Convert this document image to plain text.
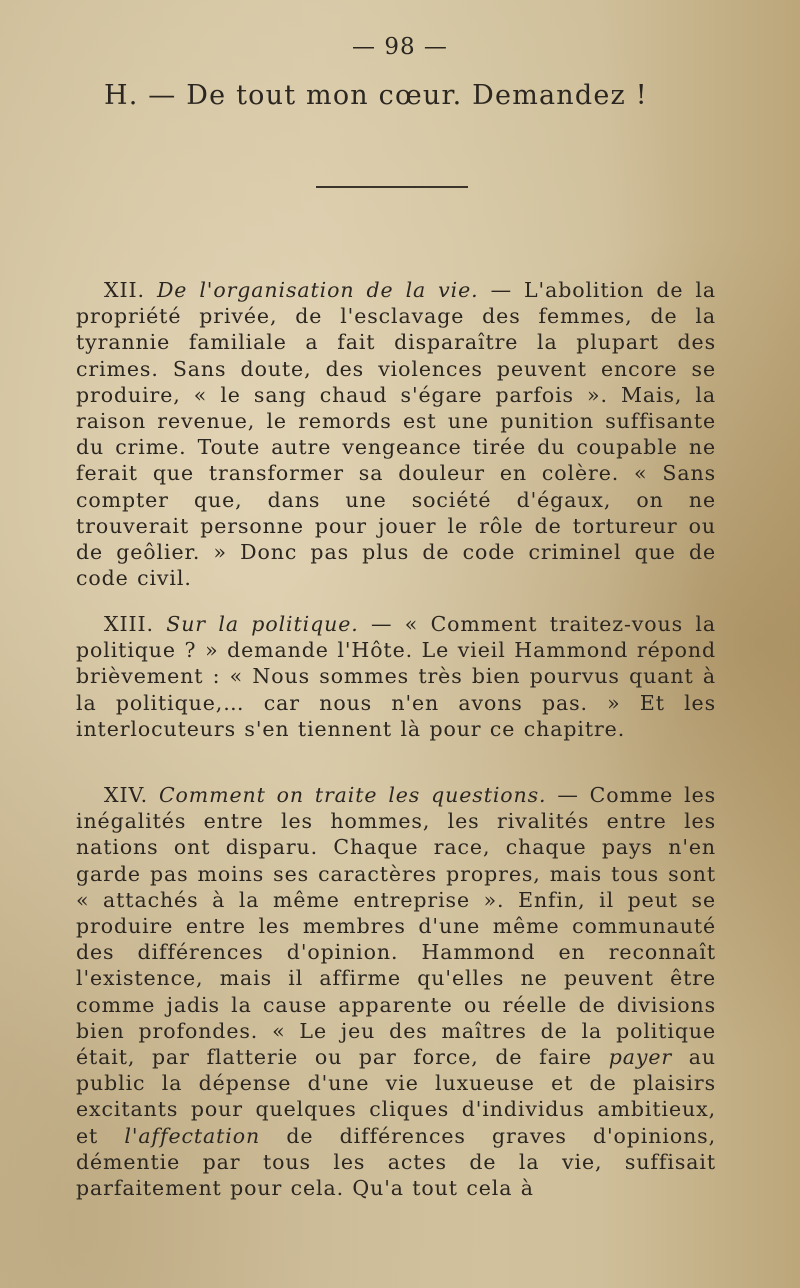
— 98 —
H. — De tout mon cœur. Demandez !

XII. De l'organisation de la vie. — L'abolition de la propriété privée, de l'esclavage des femmes, de la tyrannie familiale a fait disparaître la plupart des crimes. Sans doute, des violences peuvent encore se produire, « le sang chaud s'égare parfois ». Mais, la raison revenue, le remords est une punition suffisante du crime. Toute autre vengeance tirée du coupable ne ferait que transformer sa douleur en colère. « Sans compter que, dans une société d'égaux, on ne trouverait personne pour jouer le rôle de tortureur ou de geôlier. » Donc pas plus de code criminel que de code civil.

XIII. Sur la politique. — « Comment traitez-vous la politique ? » demande l'Hôte. Le vieil Hammond répond brièvement : « Nous sommes très bien pourvus quant à la politique,… car nous n'en avons pas. » Et les interlocuteurs s'en tiennent là pour ce chapitre.

XIV. Comment on traite les questions. — Comme les inégalités entre les hommes, les rivalités entre les nations ont disparu. Chaque race, chaque pays n'en garde pas moins ses caractères propres, mais tous sont « attachés à la même entreprise ». Enfin, il peut se produire entre les membres d'une même communauté des différences d'opinion. Hammond en reconnaît l'existence, mais il affirme qu'elles ne peuvent être comme jadis la cause apparente ou réelle de divisions bien profondes. « Le jeu des maîtres de la politique était, par flatterie ou par force, de faire payer au public la dépense d'une vie luxueuse et de plaisirs excitants pour quelques cliques d'individus ambitieux, et l'affectation de différences graves d'opinions, démentie par tous les actes de la vie, suffisait parfaitement pour cela. Qu'a tout cela à
